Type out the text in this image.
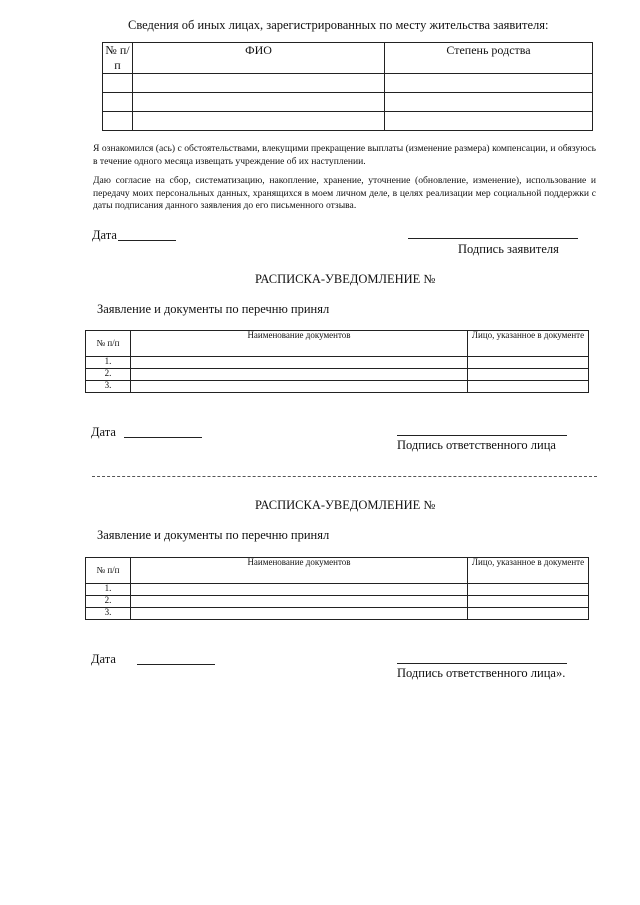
Сведения об иных лицах, зарегистрированных по месту жительства заявителя:
№ п/п	ФИО	Степень родства

Я ознакомился (ась) с обстоятельствами, влекущими прекращение выплаты (изменение размера) компенсации, и обязуюсь в течение одного месяца извещать учреждение об их наступлении.
Даю согласие на сбор, систематизацию, накопление, хранение, уточнение (обновление, изменение), использование и передачу моих персональных данных, хранящихся в моем личном деле, в целях реализации мер социальной поддержки с даты подписания данного заявления до его письменного отзыва.
Дата
Подпись заявителя
РАСПИСКА-УВЕДОМЛЕНИЕ №
Заявление и документы по перечню принял
№ п/п	Наименование документов	Лицо, указанное в документе
1.		
2.		
3.		
Дата
Подпись ответственного лица
РАСПИСКА-УВЕДОМЛЕНИЕ №
Заявление и документы по перечню принял
№ п/п	Наименование документов	Лицо, указанное в документе
1.		
2.		
3.		
Дата
Подпись ответственного лица».
